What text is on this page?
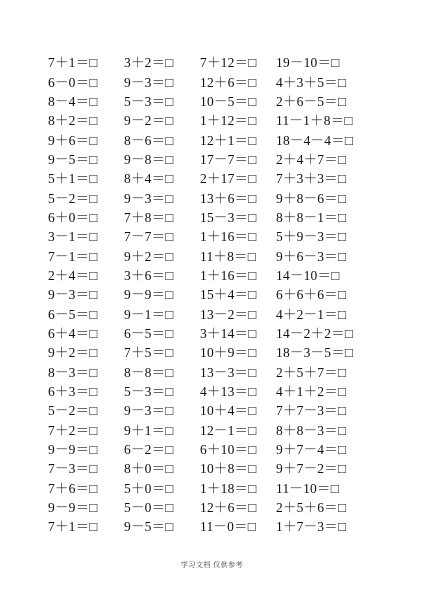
7＋1＝□	3＋2＝□	7＋12＝□	19－10＝□
6－0＝□	9－3＝□	12＋6＝□	4＋3＋5＝□
8－4＝□	5－3＝□	10－5＝□	2＋6－5＝□
8＋2＝□	9－2＝□	1＋12＝□	11－1＋8＝□
9＋6＝□	8－6＝□	12＋1＝□	18－4－4＝□
9－5＝□	9－8＝□	17－7＝□	2＋4＋7＝□
5＋1＝□	8＋4＝□	2＋17＝□	7＋3＋3＝□
5－2＝□	9－3＝□	13＋6＝□	9＋8－6＝□
6＋0＝□	7＋8＝□	15－3＝□	8＋8－1＝□
3－1＝□	7－7＝□	1＋16＝□	5＋9－3＝□
7－1＝□	9＋2＝□	11＋8＝□	9＋6－3＝□
2＋4＝□	3＋6＝□	1＋16＝□	14－10＝□
9－3＝□	9－9＝□	15＋4＝□	6＋6＋6＝□
6－5＝□	9－1＝□	13－2＝□	4＋2－1＝□
6＋4＝□	6－5＝□	3＋14＝□	14－2＋2＝□
9＋2＝□	7＋5＝□	10＋9＝□	18－3－5＝□
8－3＝□	8－8＝□	13－3＝□	2＋5＋7＝□
6＋3＝□	5－3＝□	4＋13＝□	4＋1＋2＝□
5－2＝□	9－3＝□	10＋4＝□	7＋7－3＝□
7＋2＝□	9＋1＝□	12－1＝□	8＋8－3＝□
9－9＝□	6－2＝□	6＋10＝□	9＋7－4＝□
7－3＝□	8＋0＝□	10＋8＝□	9＋7－2＝□
7＋6＝□	5＋0＝□	1＋18＝□	11－10＝□
9－9＝□	5－0＝□	12＋6＝□	2＋5＋6＝□
7＋1＝□	9－5＝□	11－0＝□	1＋7－3＝□
学习文档 仅供参考
